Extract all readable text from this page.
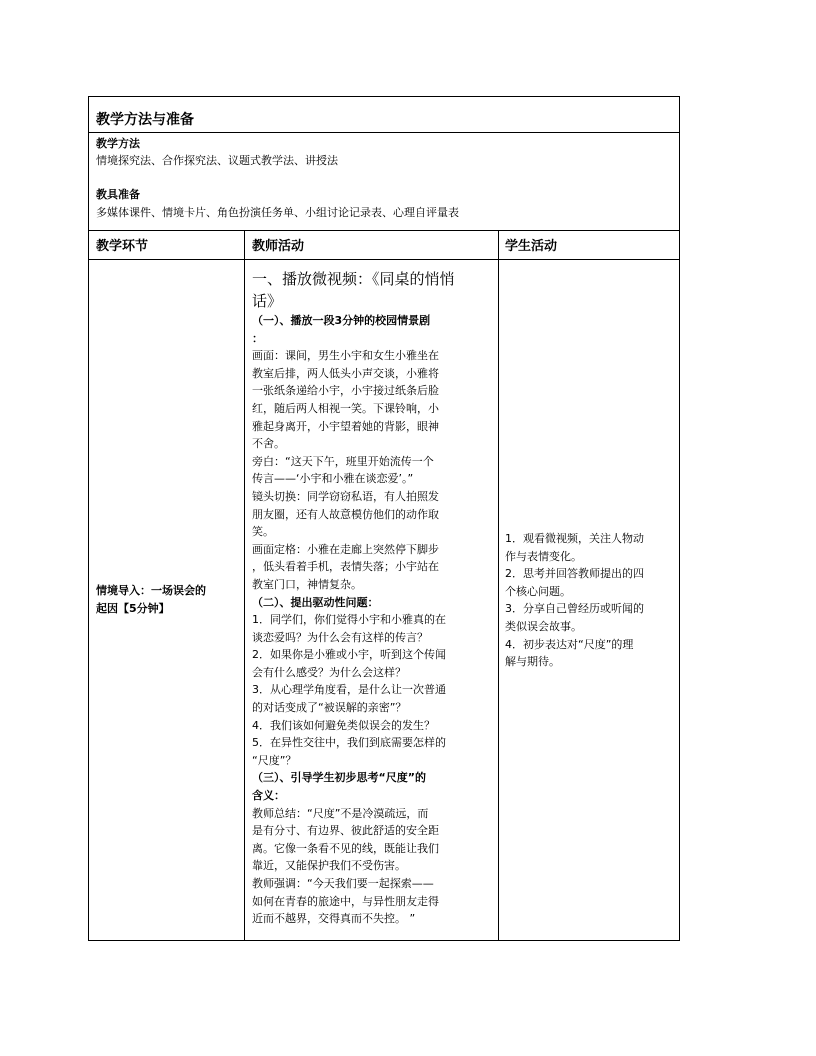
教学方法与准备
教学方法
情境探究法、合作探究法、议题式教学法、讲授法
教具准备
多媒体课件、情境卡片、角色扮演任务单、小组讨论记录表、心理自评量表
教学环节	教师活动	学生活动
情境导入：一场误会的
起因【5分钟】
一、播放微视频：《同桌的悄悄
话》
（一）、播放一段3分钟的校园情景剧
：
画面：课间，男生小宇和女生小雅坐在
教室后排，两人低头小声交谈，小雅将
一张纸条递给小宇，小宇接过纸条后脸
红，随后两人相视一笑。下课铃响，小
雅起身离开，小宇望着她的背影，眼神
不舍。
旁白：“这天下午，班里开始流传一个
传言——‘小宇和小雅在谈恋爱’。”
镜头切换：同学窃窃私语，有人拍照发
朋友圈，还有人故意模仿他们的动作取
笑。
画面定格：小雅在走廊上突然停下脚步
，低头看着手机，表情失落；小宇站在
教室门口，神情复杂。
（二）、提出驱动性问题：
1．同学们，你们觉得小宇和小雅真的在
谈恋爱吗？为什么会有这样的传言？
2．如果你是小雅或小宇，听到这个传闻
会有什么感受？为什么会这样？
3．从心理学角度看，是什么让一次普通
的对话变成了“被误解的亲密”？
4．我们该如何避免类似误会的发生？
5．在异性交往中，我们到底需要怎样的
“尺度”？
（三）、引导学生初步思考“尺度”的
含义：
教师总结：“尺度”不是冷漠疏远，而
是有分寸、有边界、彼此舒适的安全距
离。它像一条看不见的线，既能让我们
靠近，又能保护我们不受伤害。
教师强调：“今天我们要一起探索——
如何在青春的旅途中，与异性朋友走得
近而不越界，交得真而不失控。 ”
1．观看微视频，关注人物动
作与表情变化。
2．思考并回答教师提出的四
个核心问题。
3．分享自己曾经历或听闻的
类似误会故事。
4．初步表达对“尺度”的理
解与期待。
